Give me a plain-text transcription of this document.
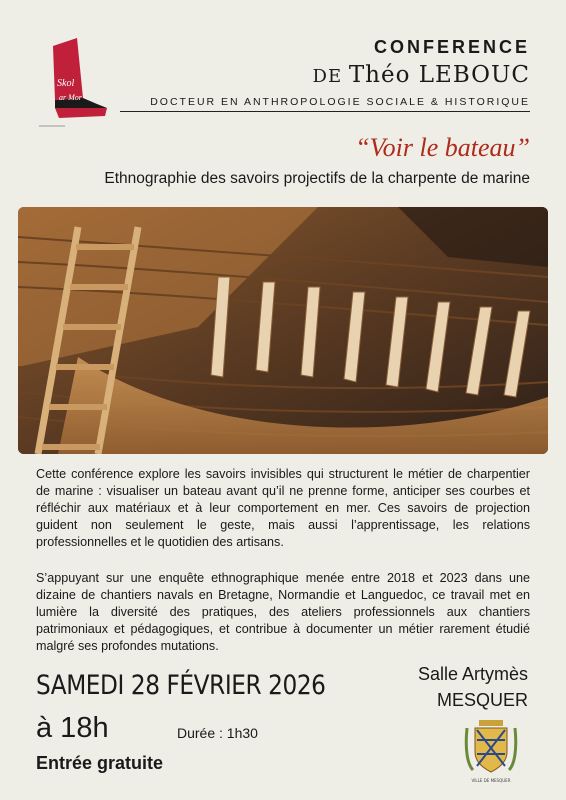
Skol
ar Mor
CONFERENCE
DE Théo LEBOUC
DOCTEUR EN ANTHROPOLOGIE SOCIALE & HISTORIQUE
“Voir le bateau”
Ethnographie des savoirs projectifs de la charpente de marine
Cette conférence explore les savoirs invisibles qui structurent le métier de charpentier de marine : visualiser un bateau avant qu’il ne prenne forme, anticiper ses courbes et réfléchir aux matériaux et à leur comportement en mer. Ces savoirs de projection guident non seulement le geste, mais aussi l’apprentissage, les relations professionnelles et le quotidien des artisans.
S’appuyant sur une enquête ethnographique menée entre 2018 et 2023 dans une dizaine de chantiers navals en Bretagne, Normandie et Languedoc, ce travail met en lumière la diversité des pratiques, des ateliers professionnels aux chantiers patrimoniaux et pédagogiques, et contribue à documenter un métier rarement étudié malgré ses profondes mutations.
SAMEDI 28 FÉVRIER 2026
à 18h	Durée : 1h30
Entrée gratuite
Salle Artymès
MESQUER
VILLE DE MESQUER
